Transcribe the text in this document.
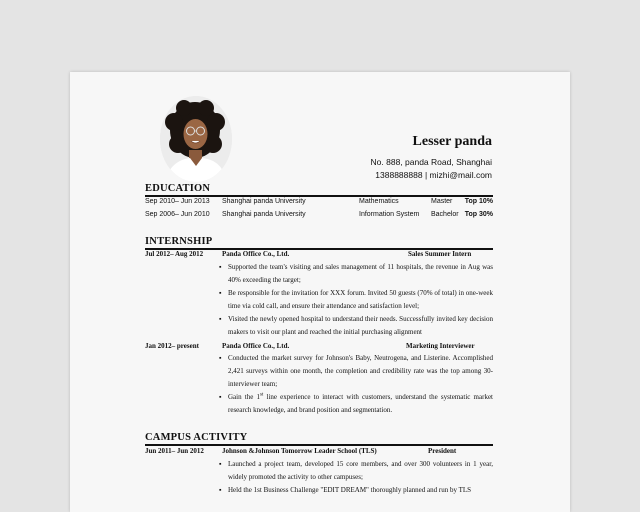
Lesser panda
No. 888, panda Road, Shanghai
1388888888 | mizhi@mail.com
EDUCATION
Sep 2010– Jun 2013 Shanghai panda University	Mathematics	Master Top 10%
Sep 2006– Jun 2010 Shanghai panda University	Information System Bachelor Top 30%
INTERNSHIP
Jul 2012– Aug 2012	Panda Office Co., Ltd.	Sales Summer Intern
▪ Supported the team's visiting and sales management of 11 hospitals, the revenue in Aug was 40% exceeding the target;
▪ Be responsible for the invitation for XXX forum. Invited 50 guests (70% of total) in one-week time via cold call, and ensure their attendance and satisfaction level;
▪ Visited the newly opened hospital to understand their needs. Successfully invited key decision makers to visit our plant and reached the initial purchasing alignment
Jan 2012– present	Panda Office Co., Ltd.	Marketing Interviewer
▪ Conducted the market survey for Johnson's Baby, Neutrogena, and Listerine. Accomplished 2,421 surveys within one month, the completion and credibility rate was the top among 30-interviewer team;
▪ Gain the 1st line experience to interact with customers, understand the systematic market research knowledge, and brand position and segmentation.
CAMPUS ACTIVITY
Jun 2011– Jun 2012	Johnson &Johnson Tomorrow Leader School (TLS)	President
▪ Launched a project team, developed 15 core members, and over 300 volunteers in 1 year, widely promoted the activity to other campuses;
▪ Held the 1st Business Challenge "EDIT DREAM" thoroughly planned and run by TLS
